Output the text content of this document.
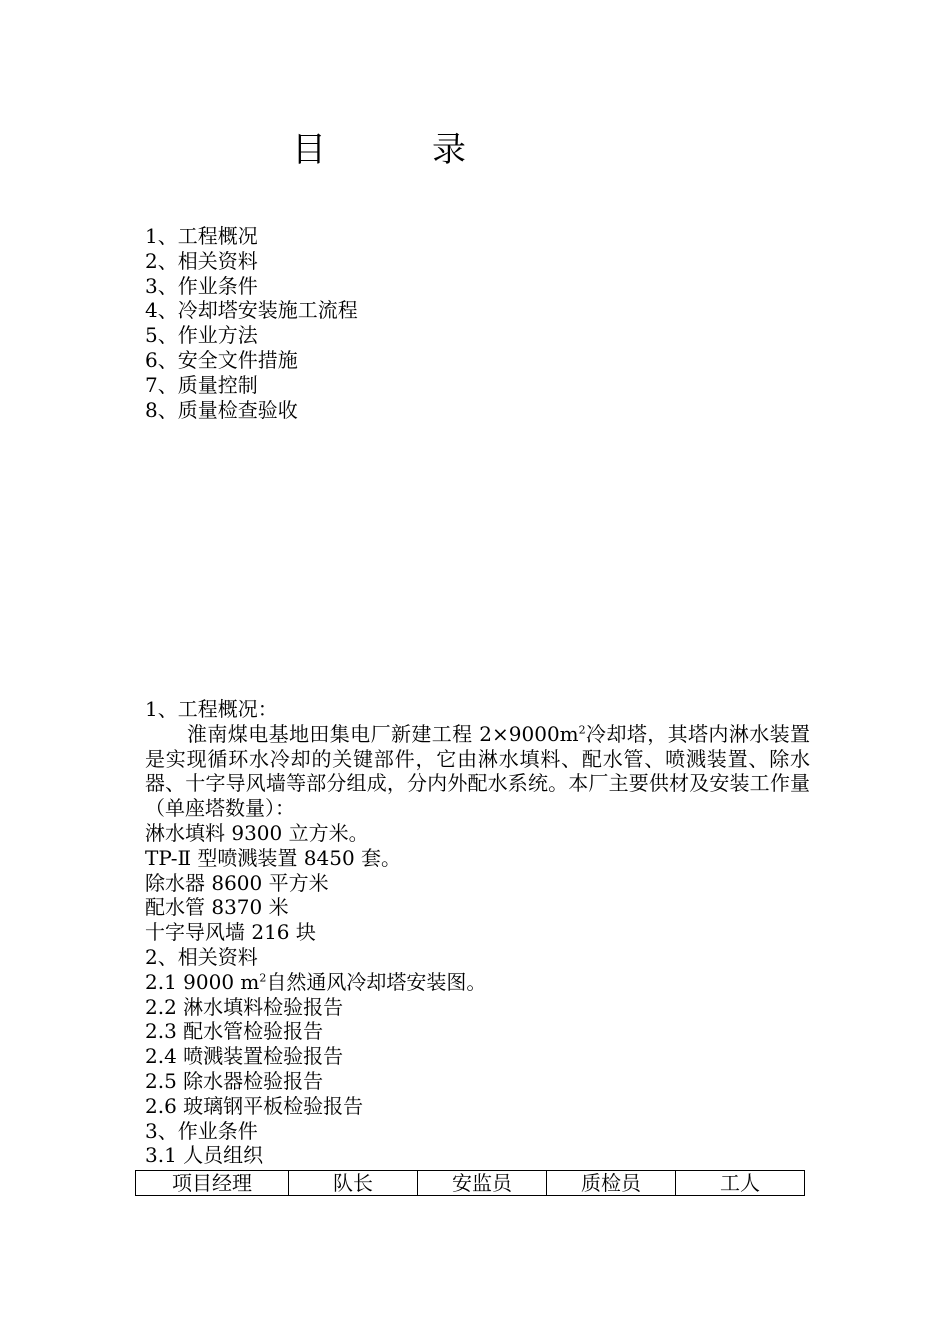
目　录
1、工程概况
2、相关资料
3、作业条件
4、冷却塔安装施工流程
5、作业方法
6、安全文件措施
7、质量控制
8、质量检查验收
1、工程概况：
淮南煤电基地田集电厂新建工程 $2\times 9000m^2$冷却塔，其塔内淋水装置是实现循环水冷却的关键部件，它由淋水填料、配水管、喷溅装置、除水器、十字导风墙等部分组成，分内外配水系统。本厂主要供材及安装工作量（单座塔数量）：
淋水填料 9300 立方米。
TP-Ⅱ 型喷溅装置 8450 套。
除水器 8600 平方米
配水管 8370 米
十字导风墙 216 块
2、相关资料
2.1 9000 $m^2$自然通风冷却塔安装图。
2.2 淋水填料检验报告
2.3 配水管检验报告
2.4 喷溅装置检验报告
2.5 除水器检验报告
2.6 玻璃钢平板检验报告
3、作业条件
3.1 人员组织
项目经理	队长	安监员	质检员	工人
